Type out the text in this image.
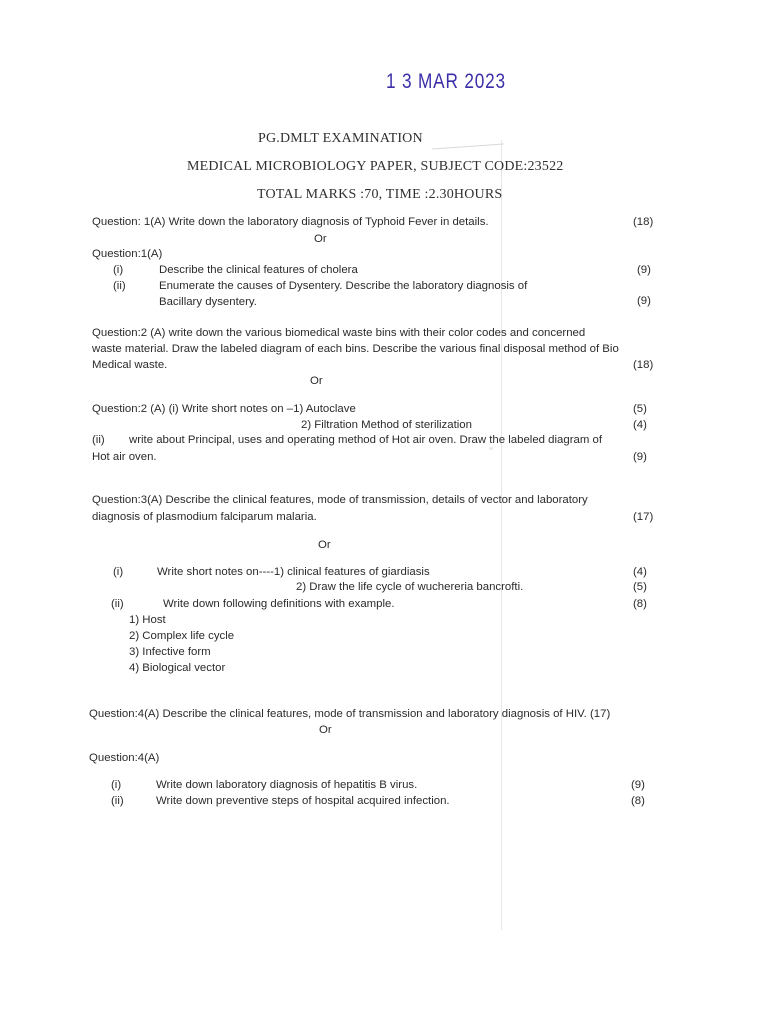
1 3 MAR 2023
PG.DMLT EXAMINATION
MEDICAL MICROBIOLOGY PAPER, SUBJECT CODE:23522
TOTAL MARKS :70, TIME :2.30HOURS
Question: 1(A) Write down the laboratory diagnosis of Typhoid Fever in details.	(18)
Or
Question:1(A)
(i)	Describe the clinical features of cholera	(9)
(ii)	Enumerate the causes of Dysentery. Describe the laboratory diagnosis of
Bacillary dysentery.	(9)
Question:2 (A) write down the various biomedical waste bins with their color codes and concerned
waste material. Draw the labeled diagram of each bins. Describe the various final disposal method of Bio
Medical waste.	(18)
Or
Question:2 (A) (i) Write short notes on –1) Autoclave	(5)
2) Filtration Method of sterilization	(4)
(ii) write about Principal, uses and operating method of Hot air oven. Draw the labeled diagram of
Hot air oven.	(9)
Question:3(A) Describe the clinical features, mode of transmission, details of vector and laboratory
diagnosis of plasmodium falciparum malaria.	(17)
Or
(i)	Write short notes on----1) clinical features of giardiasis	(4)
2) Draw the life cycle of wuchereria bancrofti.	(5)
(ii)	Write down following definitions with example.	(8)
1) Host
2) Complex life cycle
3) Infective form
4) Biological vector
Question:4(A) Describe the clinical features, mode of transmission and laboratory diagnosis of HIV. (17)
Or
Question:4(A)
(i)	Write down laboratory diagnosis of hepatitis B virus.	(9)
(ii)	Write down preventive steps of hospital acquired infection.	(8)
